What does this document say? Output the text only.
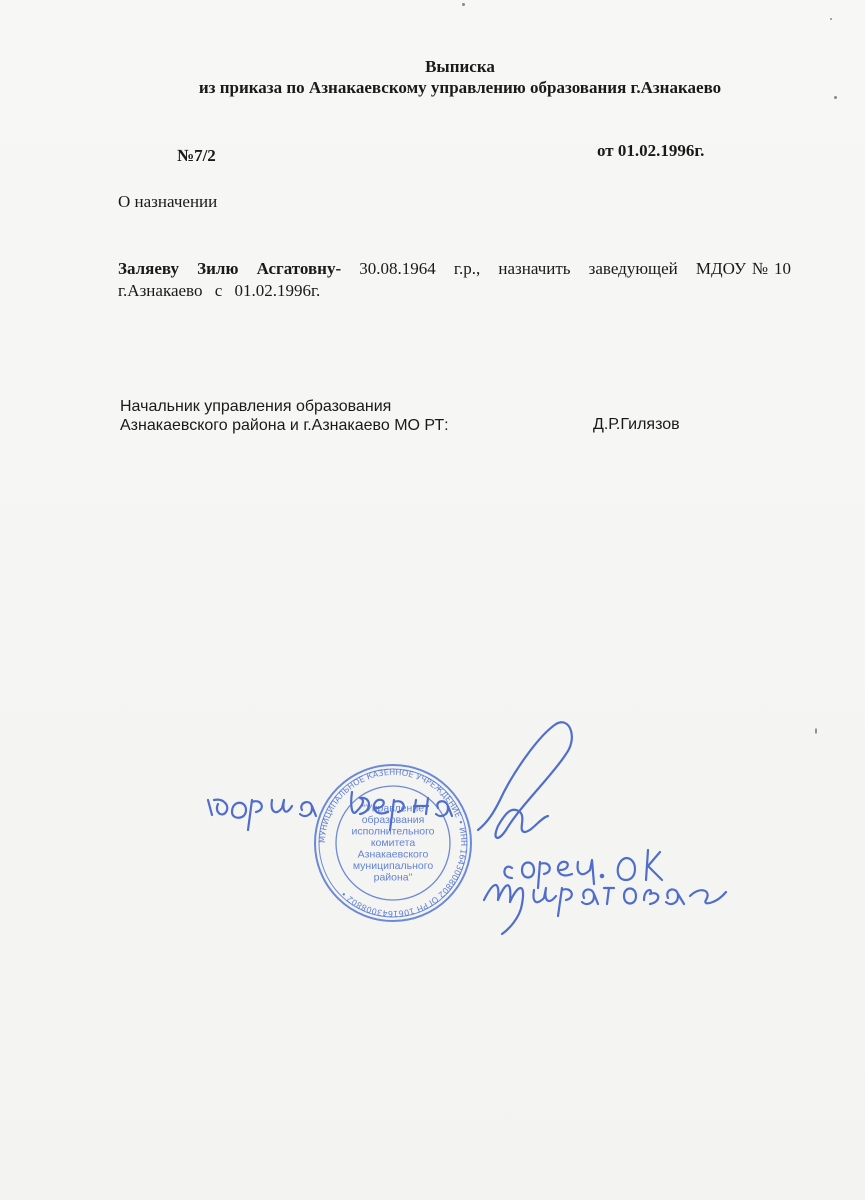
Выписка
из приказа по Азнакаевскому управлению образования г.Азнакаево
№7/2	от 01.02.1996г.
О назначении
Заляеву Зилю Асгатовну- 30.08.1964 г.р., назначить заведующей МДОУ№10 г.Азнакаево с 01.02.1996г.
Начальник управления образования
Азнакаевского района и г.Азнакаево МО РТ:	Д.Р.Гилязов
МУНИЦИПАЛЬНОЕ КАЗЕННОЕ УЧРЕЖДЕНИЕ • ИНН 1643008802 ОГРН 1061643008802 •
"Управление
образования
исполнительного
комитета
Азнакаевского
муниципального
района"
